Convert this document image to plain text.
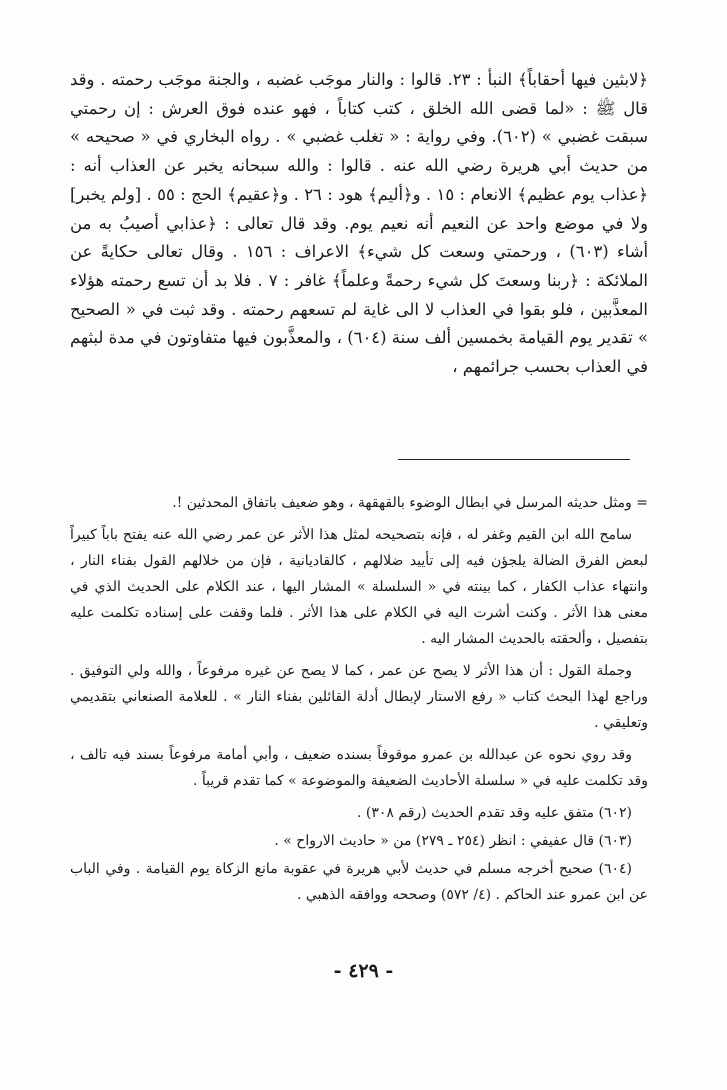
﴿لابثين فيها أحقاباً﴾ النبأ : ٢٣. قالوا : والنار موجَب غضبه ، والجنة موجَب رحمته . وقد قال ﷺ : «لما قضى الله الخلق ، كتب كتاباً ، فهو عنده فوق العرش : إن رحمتي سبقت غضبي » (٦٠٢). وفي رواية : « تغلب غضبي » . رواه البخاري في « صحيحه » من حديث أبي هريرة رضي الله عنه . قالوا : والله سبحانه يخبر عن العذاب أنه : ﴿عذاب يوم عظيم﴾ الانعام : ١٥ . و﴿أليم﴾ هود : ٢٦ . و﴿عقيم﴾ الحج : ٥٥ . [ولم يخبر] ولا في موضع واحد عن النعيم أنه نعيم يوم. وقد قال تعالى : ﴿عذابي أصيبُ به من أشاء (٦٠٣) ، ورحمتي وسعت كل شيء﴾ الاعراف : ١٥٦ . وقال تعالى حكايةً عن الملائكة : ﴿ربنا وسعتَ كل شيء رحمةً وعلماً﴾ غافر : ٧ . فلا بد أن تسع رحمته هؤلاء المعذَّبين ، فلو بقوا في العذاب لا الى غاية لم تسعهم رحمته . وقد ثبت في « الصحيح » تقدير يوم القيامة بخمسين ألف سنة (٦٠٤) ، والمعذَّبون فيها متفاوتون في مدة لبثهم في العذاب بحسب جرائمهم ،

= ومثل حديثه المرسل في ابطال الوضوء بالقهقهة ، وهو ضعيف باتفاق المحدثين !.

سامح الله ابن القيم وغفر له ، فإنه بتصحيحه لمثل هذا الأثر عن عمر رضي الله عنه يفتح باباً كبيراً لبعض الفرق الضالة يلجؤن فيه إلى تأييد ضلالهم ، كالقاديانية ، فإن من خلالهم القول بفناء النار ، وانتهاء عذاب الكفار ، كما بينته في « السلسلة » المشار اليها ، عند الكلام على الحديث الذي في معنى هذا الأثر . وكنت أشرت اليه في الكلام على هذا الأثر . فلما وقفت على إسناده تكلمت عليه بتفصيل ، وألحقته بالحديث المشار اليه .

وجملة القول : أن هذا الأثر لا يصح عن عمر ، كما لا يصح عن غيره مرفوعاً ، والله ولي التوفيق . وراجع لهذا البحث كتاب « رفع الاستار لإبطال أدلة القائلين بفناء النار » . للعلامة الصنعاني بتقديمي وتعليقي .

وقد روي نحوه عن عبدالله بن عمرو موقوفاً بسنده ضعيف ، وأبي أمامة مرفوعاً بسند فيه تالف ، وقد تكلمت عليه في « سلسلة الأحاديث الضعيفة والموضوعة » كما تقدم قريباً .

(٦٠٢) متفق عليه وقد تقدم الحديث (رقم ٣٠٨) .

(٦٠٣) قال عفيفي : انظر (٢٥٤ ـ ٢٧٩) من « حاديث الارواح » .

(٦٠٤) صحيح أخرجه مسلم في حديث لأبي هريرة في عقوبة مانع الزكاة يوم القيامة . وفي الباب عن ابن عمرو عند الحاكم . (٤/ ٥٧٢) وصححه ووافقه الذهبي .

- ٤٢٩ -
